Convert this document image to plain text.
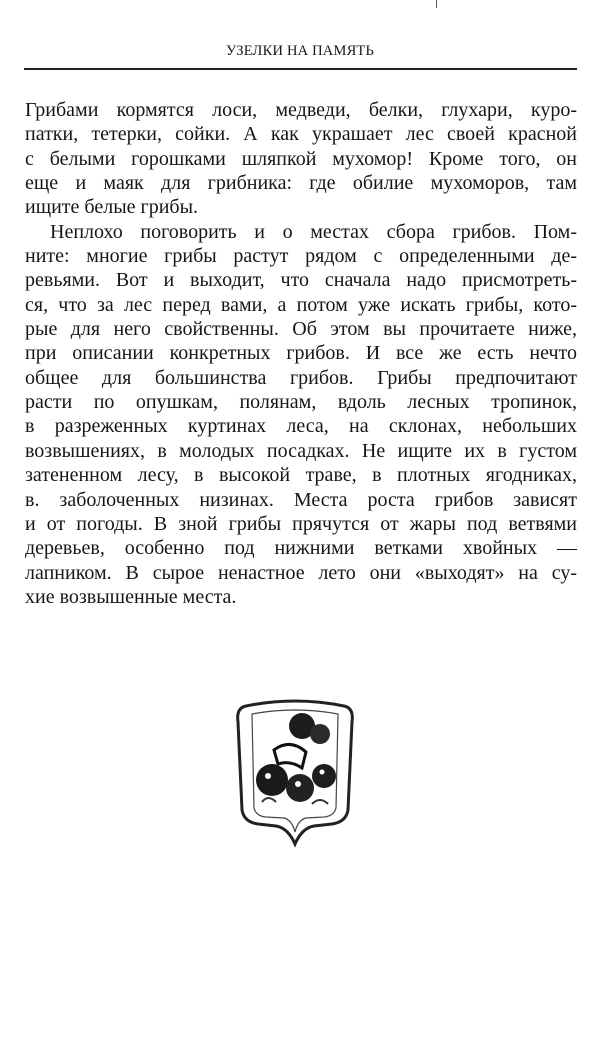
УЗЕЛКИ НА ПАМЯТЬ
Грибами кормятся лоси, медведи, белки, глухари, куро-
патки, тетерки, сойки. А как украшает лес своей красной
с белыми горошками шляпкой мухомор! Кроме того, он
еще и маяк для грибника: где обилие мухоморов, там
ищите белые грибы.
Неплохо поговорить и о местах сбора грибов. Пом-
ните: многие грибы растут рядом с определенными де-
ревьями. Вот и выходит, что сначала надо присмотреть-
ся, что за лес перед вами, а потом уже искать грибы, кото-
рые для него свойственны. Об этом вы прочитаете ниже,
при описании конкретных грибов. И все же есть нечто
общее для большинства грибов. Грибы предпочитают
расти по опушкам, полянам, вдоль лесных тропинок,
в разреженных куртинах леса, на склонах, небольших
возвышениях, в молодых посадках. Не ищите их в густом
затененном лесу, в высокой траве, в плотных ягодниках,
в. заболоченных низинах. Места роста грибов зависят
и от погоды. В зной грибы прячутся от жары под ветвями
деревьев, особенно под нижними ветками хвойных —
лапником. В сырое ненастное лето они «выходят» на су-
хие возвышенные места.
